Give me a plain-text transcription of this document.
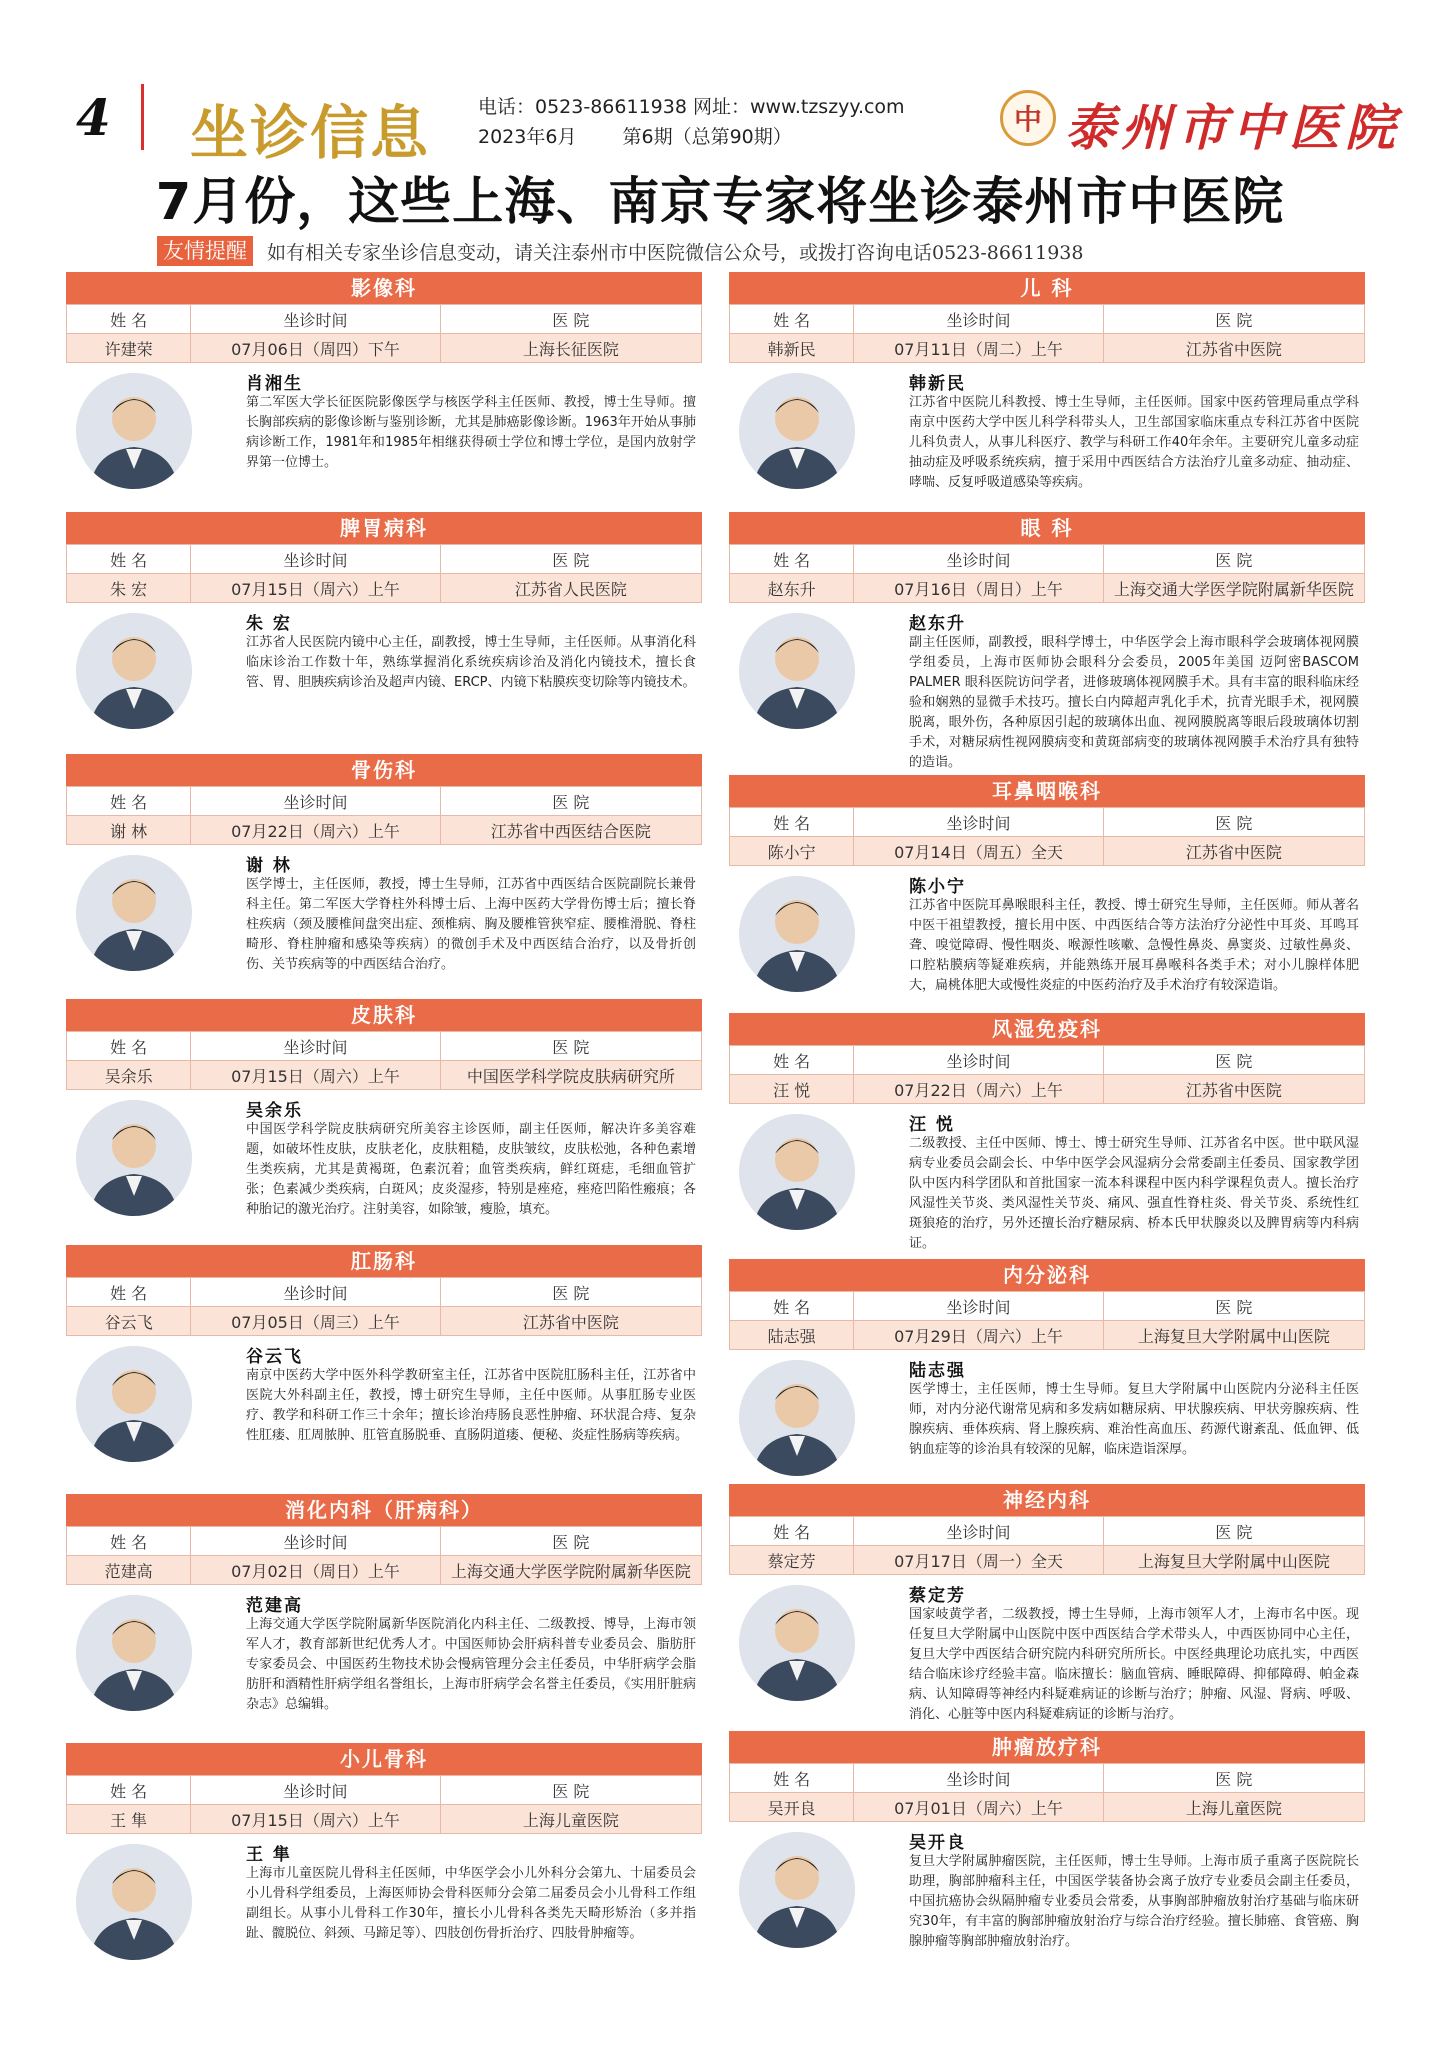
4 坐诊信息	电话：0523-86611938 网址：www.tzszyy.com
2023年6月 第6期（总第90期）
中 泰州市中医院
7月份，这些上海、南京专家将坐诊泰州市中医院
友情提醒	如有相关专家坐诊信息变动，请关注泰州市中医院微信公众号，或拨打咨询电话0523-86611938
影像科
姓 名	坐诊时间	医 院
许建荣	07月06日（周四）下午	上海长征医院
肖湘生
第二军医大学长征医院影像医学与核医学科主任医师、教授，博士生导师。擅长胸部疾病的影像诊断与鉴别诊断，尤其是肺癌影像诊断。1963年开始从事肺病诊断工作，1981年和1985年相继获得硕士学位和博士学位，是国内放射学界第一位博士。
脾胃病科
姓 名	坐诊时间	医 院
朱 宏	07月15日（周六）上午	江苏省人民医院
朱 宏
江苏省人民医院内镜中心主任，副教授，博士生导师，主任医师。从事消化科临床诊治工作数十年，熟练掌握消化系统疾病诊治及消化内镜技术，擅长食管、胃、胆胰疾病诊治及超声内镜、ERCP、内镜下粘膜疾变切除等内镜技术。
骨伤科
姓 名	坐诊时间	医 院
谢 林	07月22日（周六）上午	江苏省中西医结合医院
谢 林
医学博士，主任医师，教授，博士生导师，江苏省中西医结合医院副院长兼骨科主任。第二军医大学脊柱外科博士后、上海中医药大学骨伤博士后；擅长脊柱疾病（颈及腰椎间盘突出症、颈椎病、胸及腰椎管狭窄症、腰椎滑脱、脊柱畸形、脊柱肿瘤和感染等疾病）的微创手术及中西医结合治疗，以及骨折创伤、关节疾病等的中西医结合治疗。
皮肤科
姓 名	坐诊时间	医 院
吴余乐	07月15日（周六）上午	中国医学科学院皮肤病研究所
吴余乐
中国医学科学院皮肤病研究所美容主诊医师，副主任医师，解决许多美容难题，如破坏性皮肤，皮肤老化，皮肤粗糙，皮肤皱纹，皮肤松弛，各种色素增生类疾病，尤其是黄褐斑，色素沉着；血管类疾病，鲜红斑痣，毛细血管扩张；色素减少类疾病，白斑风；皮炎湿疹，特别是痤疮，痤疮凹陷性瘢痕；各种胎记的激光治疗。注射美容，如除皱，瘦脸，填充。
肛肠科
姓 名	坐诊时间	医 院
谷云飞	07月05日（周三）上午	江苏省中医院
谷云飞
南京中医药大学中医外科学教研室主任，江苏省中医院肛肠科主任，江苏省中医院大外科副主任，教授，博士研究生导师，主任中医师。从事肛肠专业医疗、教学和科研工作三十余年；擅长诊治痔肠良恶性肿瘤、环状混合痔、复杂性肛瘘、肛周脓肿、肛管直肠脱垂、直肠阴道瘘、便秘、炎症性肠病等疾病。
消化内科（肝病科）
姓 名	坐诊时间	医 院
范建高	07月02日（周日）上午	上海交通大学医学院附属新华医院
范建高
上海交通大学医学院附属新华医院消化内科主任、二级教授、博导，上海市领军人才，教育部新世纪优秀人才。中国医师协会肝病科普专业委员会、脂肪肝专家委员会、中国医药生物技术协会慢病管理分会主任委员，中华肝病学会脂肪肝和酒精性肝病学组名誉组长，上海市肝病学会名誉主任委员，《实用肝脏病杂志》总编辑。
小儿骨科
姓 名	坐诊时间	医 院
王 隼	07月15日（周六）上午	上海儿童医院
王 隼
上海市儿童医院儿骨科主任医师，中华医学会小儿外科分会第九、十届委员会小儿骨科学组委员，上海医师协会骨科医师分会第二届委员会小儿骨科工作组副组长。从事小儿骨科工作30年，擅长小儿骨科各类先天畸形矫治（多并指趾、髋脱位、斜颈、马蹄足等）、四肢创伤骨折治疗、四肢骨肿瘤等。
儿 科
姓 名	坐诊时间	医 院
韩新民	07月11日（周二）上午	江苏省中医院
韩新民
江苏省中医院儿科教授、博士生导师，主任医师。国家中医药管理局重点学科南京中医药大学中医儿科学科带头人，卫生部国家临床重点专科江苏省中医院儿科负责人，从事儿科医疗、教学与科研工作40年余年。主要研究儿童多动症抽动症及呼吸系统疾病，擅于采用中西医结合方法治疗儿童多动症、抽动症、哮喘、反复呼吸道感染等疾病。
眼 科
姓 名	坐诊时间	医 院
赵东升	07月16日（周日）上午	上海交通大学医学院附属新华医院
赵东升
副主任医师，副教授，眼科学博士，中华医学会上海市眼科学会玻璃体视网膜学组委员，上海市医师协会眼科分会委员，2005年美国 迈阿密BASCOM PALMER 眼科医院访问学者，进修玻璃体视网膜手术。具有丰富的眼科临床经验和娴熟的显微手术技巧。擅长白内障超声乳化手术，抗青光眼手术，视网膜脱离，眼外伤，各种原因引起的玻璃体出血、视网膜脱离等眼后段玻璃体切割手术，对糖尿病性视网膜病变和黄斑部病变的玻璃体视网膜手术治疗具有独特的造诣。
耳鼻咽喉科
姓 名	坐诊时间	医 院
陈小宁	07月14日（周五）全天	江苏省中医院
陈小宁
江苏省中医院耳鼻喉眼科主任，教授、博士研究生导师，主任医师。师从著名中医干祖望教授，擅长用中医、中西医结合等方法治疗分泌性中耳炎、耳鸣耳聋、嗅觉障碍、慢性咽炎、喉源性咳嗽、急慢性鼻炎、鼻窦炎、过敏性鼻炎、口腔粘膜病等疑难疾病，并能熟练开展耳鼻喉科各类手术；对小儿腺样体肥大，扁桃体肥大或慢性炎症的中医药治疗及手术治疗有较深造诣。
风湿免疫科
姓 名	坐诊时间	医 院
汪 悦	07月22日（周六）上午	江苏省中医院
汪 悦
二级教授、主任中医师、博士、博士研究生导师、江苏省名中医。世中联风湿病专业委员会副会长、中华中医学会风湿病分会常委副主任委员、国家教学团队中医内科学团队和首批国家一流本科课程中医内科学课程负责人。擅长治疗风湿性关节炎、类风湿性关节炎、痛风、强直性脊柱炎、骨关节炎、系统性红斑狼疮的治疗，另外还擅长治疗糖尿病、桥本氏甲状腺炎以及脾胃病等内科病证。
内分泌科
姓 名	坐诊时间	医 院
陆志强	07月29日（周六）上午	上海复旦大学附属中山医院
陆志强
医学博士，主任医师，博士生导师。复旦大学附属中山医院内分泌科主任医师，对内分泌代谢常见病和多发病如糖尿病、甲状腺疾病、甲状旁腺疾病、性腺疾病、垂体疾病、肾上腺疾病、难治性高血压、药源代谢紊乱、低血钾、低钠血症等的诊治具有较深的见解，临床造诣深厚。
神经内科
姓 名	坐诊时间	医 院
蔡定芳	07月17日（周一）全天	上海复旦大学附属中山医院
蔡定芳
国家岐黄学者，二级教授，博士生导师，上海市领军人才，上海市名中医。现任复旦大学附属中山医院中医中西医结合学术带头人，中西医协同中心主任，复旦大学中西医结合研究院内科研究所所长。中医经典理论功底扎实，中西医结合临床诊疗经验丰富。临床擅长：脑血管病、睡眠障碍、抑郁障碍、帕金森病、认知障碍等神经内科疑难病证的诊断与治疗；肿瘤、风湿、肾病、呼吸、消化、心脏等中医内科疑难病证的诊断与治疗。
肿瘤放疗科
姓 名	坐诊时间	医 院
吴开良	07月01日（周六）上午	上海儿童医院
吴开良
复旦大学附属肿瘤医院，主任医师，博士生导师。上海市质子重离子医院院长助理，胸部肿瘤科主任，中国医学装备协会离子放疗专业委员会副主任委员，中国抗癌协会纵隔肿瘤专业委员会常委，从事胸部肿瘤放射治疗基础与临床研究30年，有丰富的胸部肿瘤放射治疗与综合治疗经验。擅长肺癌、食管癌、胸腺肿瘤等胸部肿瘤放射治疗。
